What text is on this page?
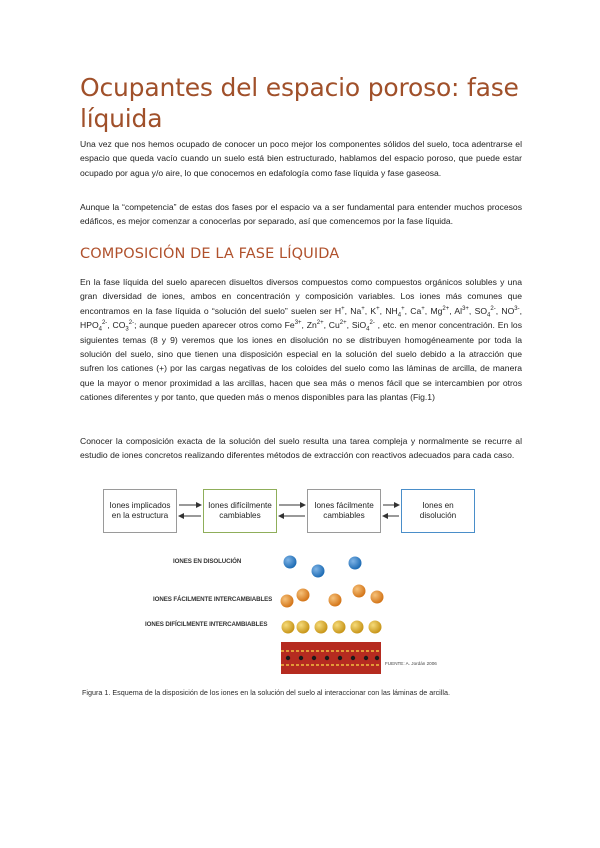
Ocupantes del espacio poroso: fase líquida

Una vez que nos hemos ocupado de conocer un poco mejor los componentes sólidos del suelo, toca adentrarse el espacio que queda vacío cuando un suelo está bien estructurado, hablamos del espacio poroso, que puede estar ocupado por agua y/o aire, lo que conocemos en edafología como fase líquida y fase gaseosa.

Aunque la “competencia” de estas dos fases por el espacio va a ser fundamental para entender muchos procesos edáficos, es mejor comenzar a conocerlas por separado, así que comencemos por la fase líquida.

COMPOSICIÓN DE LA FASE LÍQUIDA

En la fase líquida del suelo aparecen disueltos diversos compuestos como compuestos orgánicos solubles y una gran diversidad de iones, ambos en concentración y composición variables. Los iones más comunes que encontramos en la fase líquida o “solución del suelo” suelen ser H+, Na+, K+, $NH_4^+$, Ca+, $Mg^{2+}$, $Al^{3+}$, $SO_4^{2-}$, $NO^{3-}$, $HPO_4^{2-}$, $CO_3^{2-}$; aunque pueden aparecer otros como $Fe^{3+}$, $Zn^{2+}$, $Cu^{2+}$, SiO$_4^{2-}$ , etc. en menor concentración. En los siguientes temas (8 y 9) veremos que los iones en disolución no se distribuyen homogéneamente por toda la solución del suelo, sino que tienen una disposición especial en la solución del suelo debido a la atracción que sufren los cationes (+) por las cargas negativas de los coloides del suelo como las láminas de arcilla, de manera que la mayor o menor proximidad a las arcillas, hacen que sea más o menos fácil que se intercambien por otros cationes diferentes y por tanto, que queden más o menos disponibles para las plantas (Fig.1)

Conocer la composición exacta de la solución del suelo resulta una tarea compleja y normalmente se recurre al estudio de iones concretos realizando diferentes métodos de extracción con reactivos adecuados para cada caso.

Iones implicados en la estructura
Iones difícilmente cambiables
Iones fácilmente cambiables
Iones en disolución
IONES EN DISOLUCIÓN
IONES FÁCILMENTE INTERCAMBIABLES
IONES DIFÍCILMENTE INTERCAMBIABLES
FUENTE: A. Jordán 2006

Figura 1. Esquema de la disposición de los iones en la solución del suelo al interaccionar con las láminas de arcilla.
